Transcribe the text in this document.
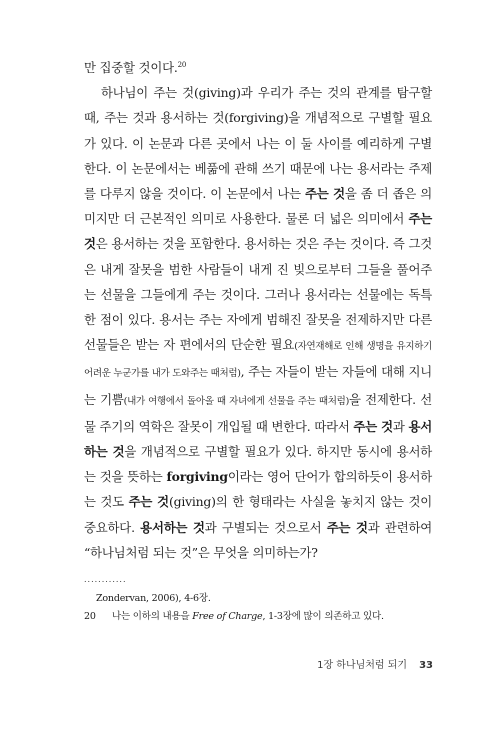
만 집중할 것이다.$^{20}$

하나님이 주는 것(giving)과 우리가 주는 것의 관계를 탐구할 때, 주는 것과 용서하는 것(forgiving)을 개념적으로 구별할 필요가 있다. 이 논문과 다른 곳에서 나는 이 둘 사이를 예리하게 구별한다. 이 논문에서는 베풂에 관해 쓰기 때문에 나는 용서라는 주제를 다루지 않을 것이다. 이 논문에서 나는 주는 것을 좀 더 좁은 의미지만 더 근본적인 의미로 사용한다. 물론 더 넓은 의미에서 주는 것은 용서하는 것을 포함한다. 용서하는 것은 주는 것이다. 즉 그것은 내게 잘못을 범한 사람들이 내게 진 빚으로부터 그들을 풀어주는 선물을 그들에게 주는 것이다. 그러나 용서라는 선물에는 독특한 점이 있다. 용서는 주는 자에게 범해진 잘못을 전제하지만 다른 선물들은 받는 자 편에서의 단순한 필요(자연재해로 인해 생명을 유지하기 어려운 누군가를 내가 도와주는 때처럼), 주는 자들이 받는 자들에 대해 지니는 기쁨(내가 여행에서 돌아올 때 자녀에게 선물을 주는 때처럼)을 전제한다. 선물 주기의 역학은 잘못이 개입될 때 변한다. 따라서 주는 것과 용서하는 것을 개념적으로 구별할 필요가 있다. 하지만 동시에 용서하는 것을 뜻하는 forgiving이라는 영어 단어가 합의하듯이 용서하는 것도 주는 것(giving)의 한 형태라는 사실을 놓치지 않는 것이 중요하다. 용서하는 것과 구별되는 것으로서 주는 것과 관련하여 “하나님처럼 되는 것”은 무엇을 의미하는가?

............
Zondervan, 2006), 4-6장.
20 나는 이하의 내용을 Free of Charge, 1-3장에 많이 의존하고 있다.
1장 하나님처럼 되기 33
